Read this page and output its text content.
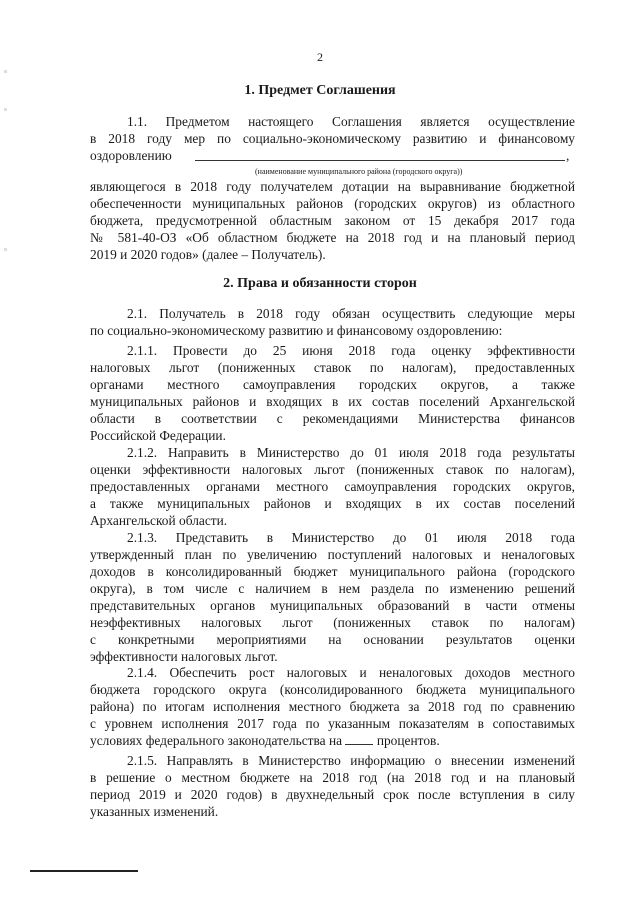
2
1. Предмет Соглашения
1.1. Предметом настоящего Соглашения является осуществление
в 2018 году мер по социально-экономическому развитию и финансовому
оздоровлению	,
(наименование муниципального района (городского округа))
являющегося в 2018 году получателем дотации на выравнивание бюджетной
обеспеченности муниципальных районов (городских округов) из областного
бюджета, предусмотренной областным законом от 15 декабря 2017 года
№ 581-40-ОЗ «Об областном бюджете на 2018 год и на плановый период
2019 и 2020 годов» (далее – Получатель).
2. Права и обязанности сторон
2.1. Получатель в 2018 году обязан осуществить следующие меры
по социально-экономическому развитию и финансовому оздоровлению:
2.1.1. Провести до 25 июня 2018 года оценку эффективности
налоговых льгот (пониженных ставок по налогам), предоставленных
органами местного самоуправления городских округов, а также
муниципальных районов и входящих в их состав поселений Архангельской
области в соответствии с рекомендациями Министерства финансов
Российской Федерации.
2.1.2. Направить в Министерство до 01 июля 2018 года результаты
оценки эффективности налоговых льгот (пониженных ставок по налогам),
предоставленных органами местного самоуправления городских округов,
а также муниципальных районов и входящих в их состав поселений
Архангельской области.
2.1.3. Представить в Министерство до 01 июля 2018 года
утвержденный план по увеличению поступлений налоговых и неналоговых
доходов в консолидированный бюджет муниципального района (городского
округа), в том числе с наличием в нем раздела по изменению решений
представительных органов муниципальных образований в части отмены
неэффективных налоговых льгот (пониженных ставок по налогам)
с конкретными мероприятиями на основании результатов оценки
эффективности налоговых льгот.
2.1.4. Обеспечить рост налоговых и неналоговых доходов местного
бюджета городского округа (консолидированного бюджета муниципального
района) по итогам исполнения местного бюджета за 2018 год по сравнению
с уровнем исполнения 2017 года по указанным показателям в сопоставимых
условиях федерального законодательства на	процентов.
2.1.5. Направлять в Министерство информацию о внесении изменений
в решение о местном бюджете на 2018 год (на 2018 год и на плановый
период 2019 и 2020 годов) в двухнедельный срок после вступления в силу
указанных изменений.
